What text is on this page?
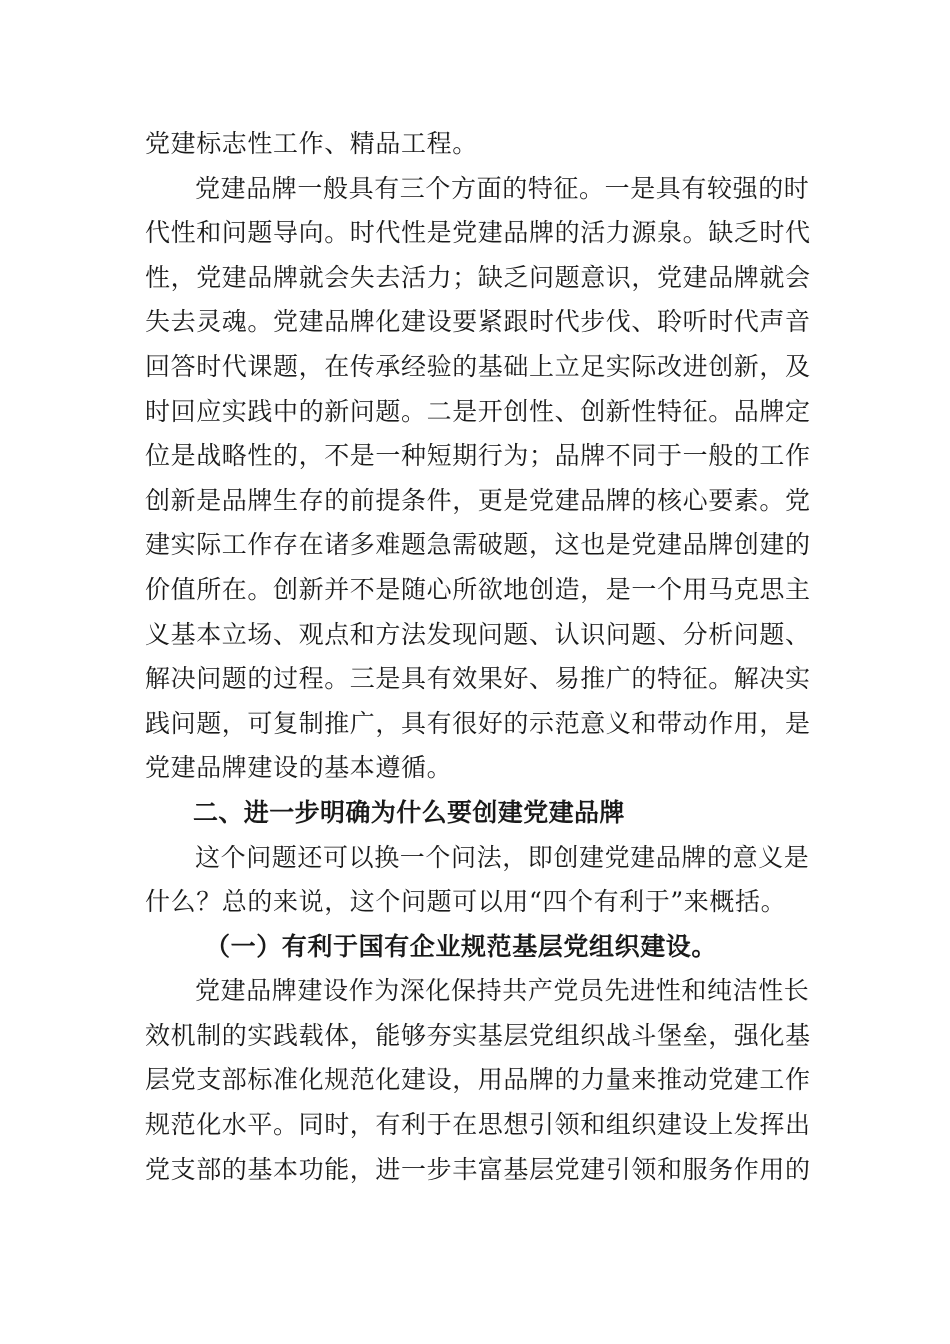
党建标志性工作、精品工程。
党建品牌一般具有三个方面的特征。一是具有较强的时
代性和问题导向。时代性是党建品牌的活力源泉。缺乏时代
性，党建品牌就会失去活力；缺乏问题意识，党建品牌就会
失去灵魂。党建品牌化建设要紧跟时代步伐、聆听时代声音
回答时代课题，在传承经验的基础上立足实际改进创新，及
时回应实践中的新问题。二是开创性、创新性特征。品牌定
位是战略性的，不是一种短期行为；品牌不同于一般的工作
创新是品牌生存的前提条件，更是党建品牌的核心要素。党
建实际工作存在诸多难题急需破题，这也是党建品牌创建的
价值所在。创新并不是随心所欲地创造，是一个用马克思主
义基本立场、观点和方法发现问题、认识问题、分析问题、
解决问题的过程。三是具有效果好、易推广的特征。解决实
践问题，可复制推广，具有很好的示范意义和带动作用，是
党建品牌建设的基本遵循。
二、进一步明确为什么要创建党建品牌
这个问题还可以换一个问法，即创建党建品牌的意义是
什么？总的来说，这个问题可以用“四个有利于”来概括。
（一）有利于国有企业规范基层党组织建设。
党建品牌建设作为深化保持共产党员先进性和纯洁性长
效机制的实践载体，能够夯实基层党组织战斗堡垒，强化基
层党支部标准化规范化建设，用品牌的力量来推动党建工作
规范化水平。同时，有利于在思想引领和组织建设上发挥出
党支部的基本功能，进一步丰富基层党建引领和服务作用的
